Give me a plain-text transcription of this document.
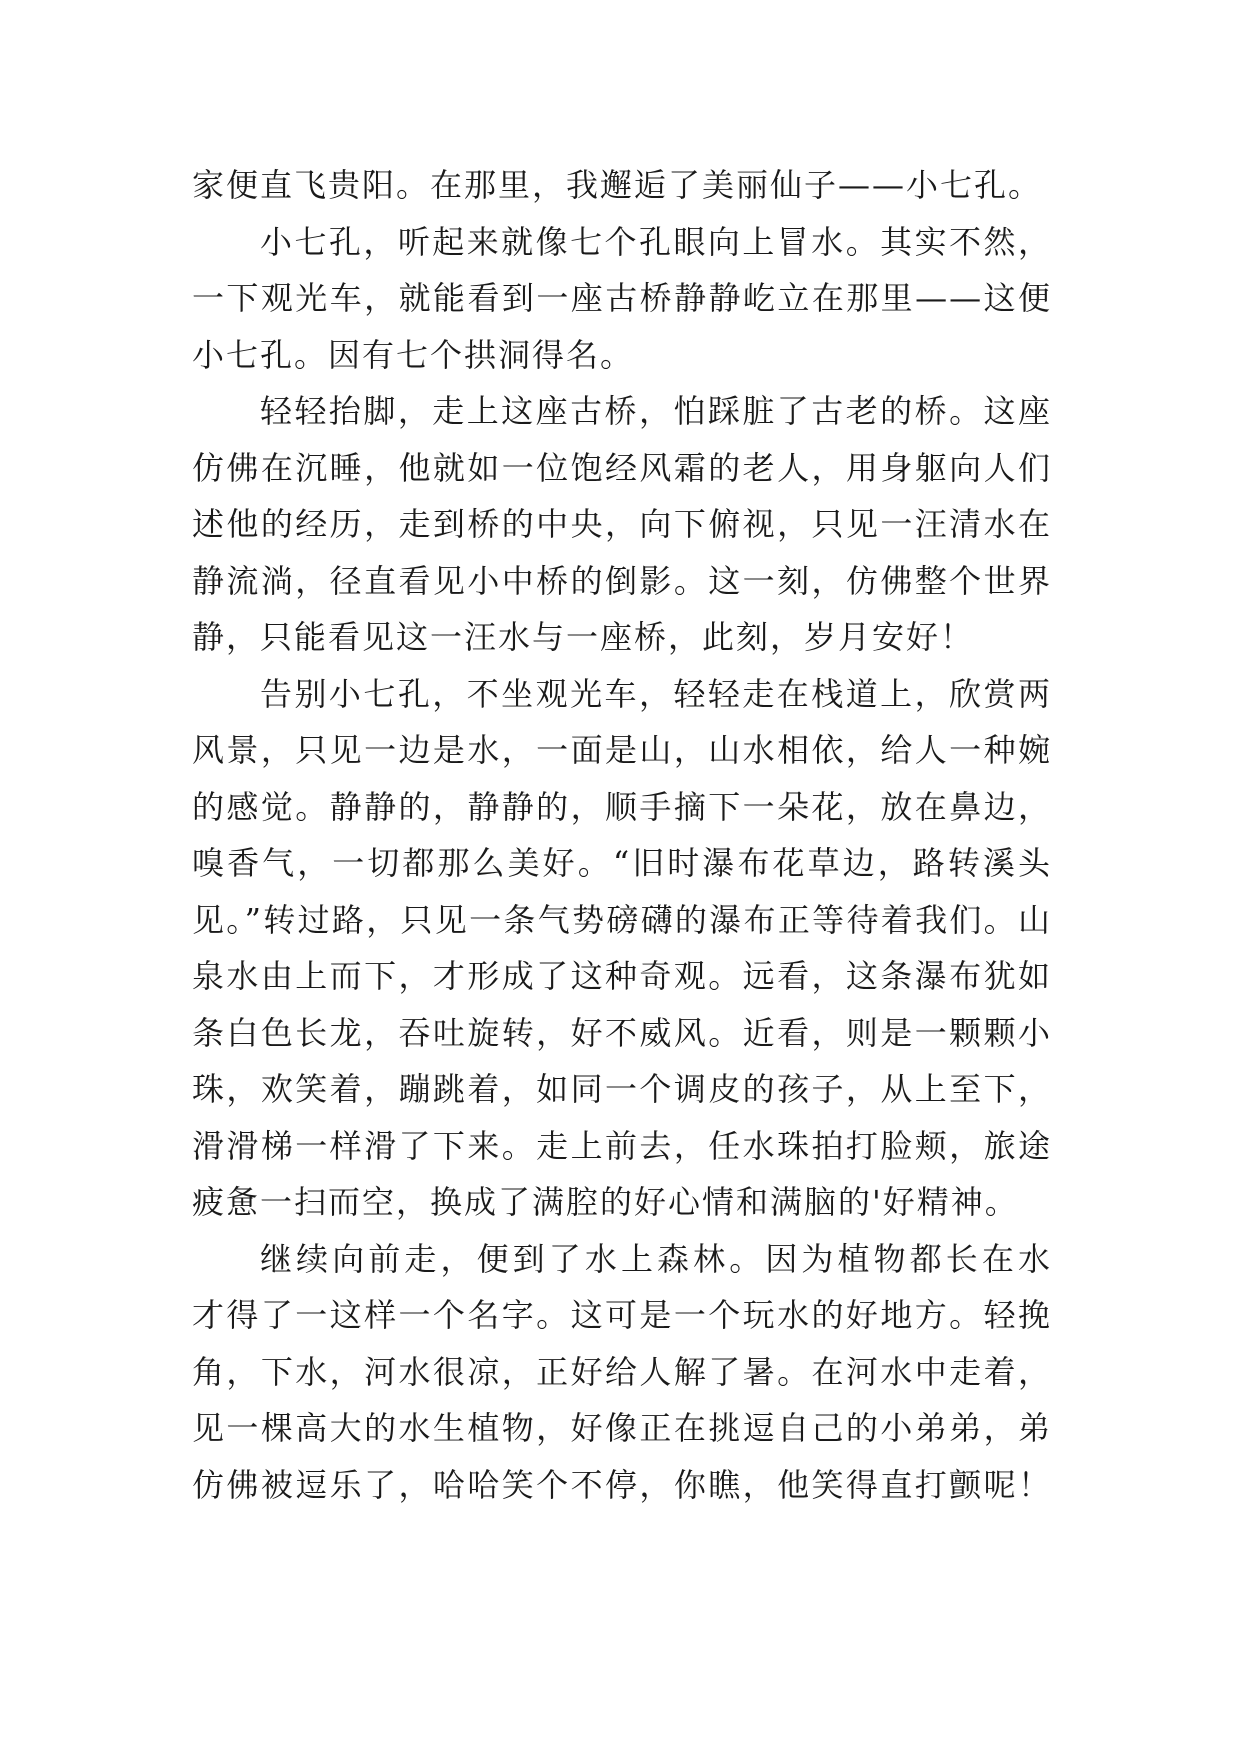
家便直飞贵阳。在那里，我邂逅了美丽仙子——小七孔。
小七孔，听起来就像七个孔眼向上冒水。其实不然，
一下观光车，就能看到一座古桥静静屹立在那里——这便
小七孔。因有七个拱洞得名。
轻轻抬脚，走上这座古桥，怕踩脏了古老的桥。这座
仿佛在沉睡，他就如一位饱经风霜的老人，用身躯向人们
述他的经历，走到桥的中央，向下俯视，只见一汪清水在
静流淌，径直看见小中桥的倒影。这一刻，仿佛整个世界
静，只能看见这一汪水与一座桥，此刻，岁月安好！
告别小七孔，不坐观光车，轻轻走在栈道上，欣赏两
风景，只见一边是水，一面是山，山水相依，给人一种婉
的感觉。静静的，静静的，顺手摘下一朵花，放在鼻边，
嗅香气，一切都那么美好。“旧时瀑布花草边，路转溪头
见。”转过路，只见一条气势磅礴的瀑布正等待着我们。山
泉水由上而下，才形成了这种奇观。远看，这条瀑布犹如
条白色长龙，吞吐旋转，好不威风。近看，则是一颗颗小
珠，欢笑着，蹦跳着，如同一个调皮的孩子，从上至下，
滑滑梯一样滑了下来。走上前去，任水珠拍打脸颊，旅途
疲惫一扫而空，换成了满腔的好心情和满脑的'好精神。
继续向前走，便到了水上森林。因为植物都长在水
才得了一这样一个名字。这可是一个玩水的好地方。轻挽
角，下水，河水很凉，正好给人解了暑。在河水中走着，
见一棵高大的水生植物，好像正在挑逗自己的小弟弟，弟
仿佛被逗乐了，哈哈笑个不停，你瞧，他笑得直打颤呢！
